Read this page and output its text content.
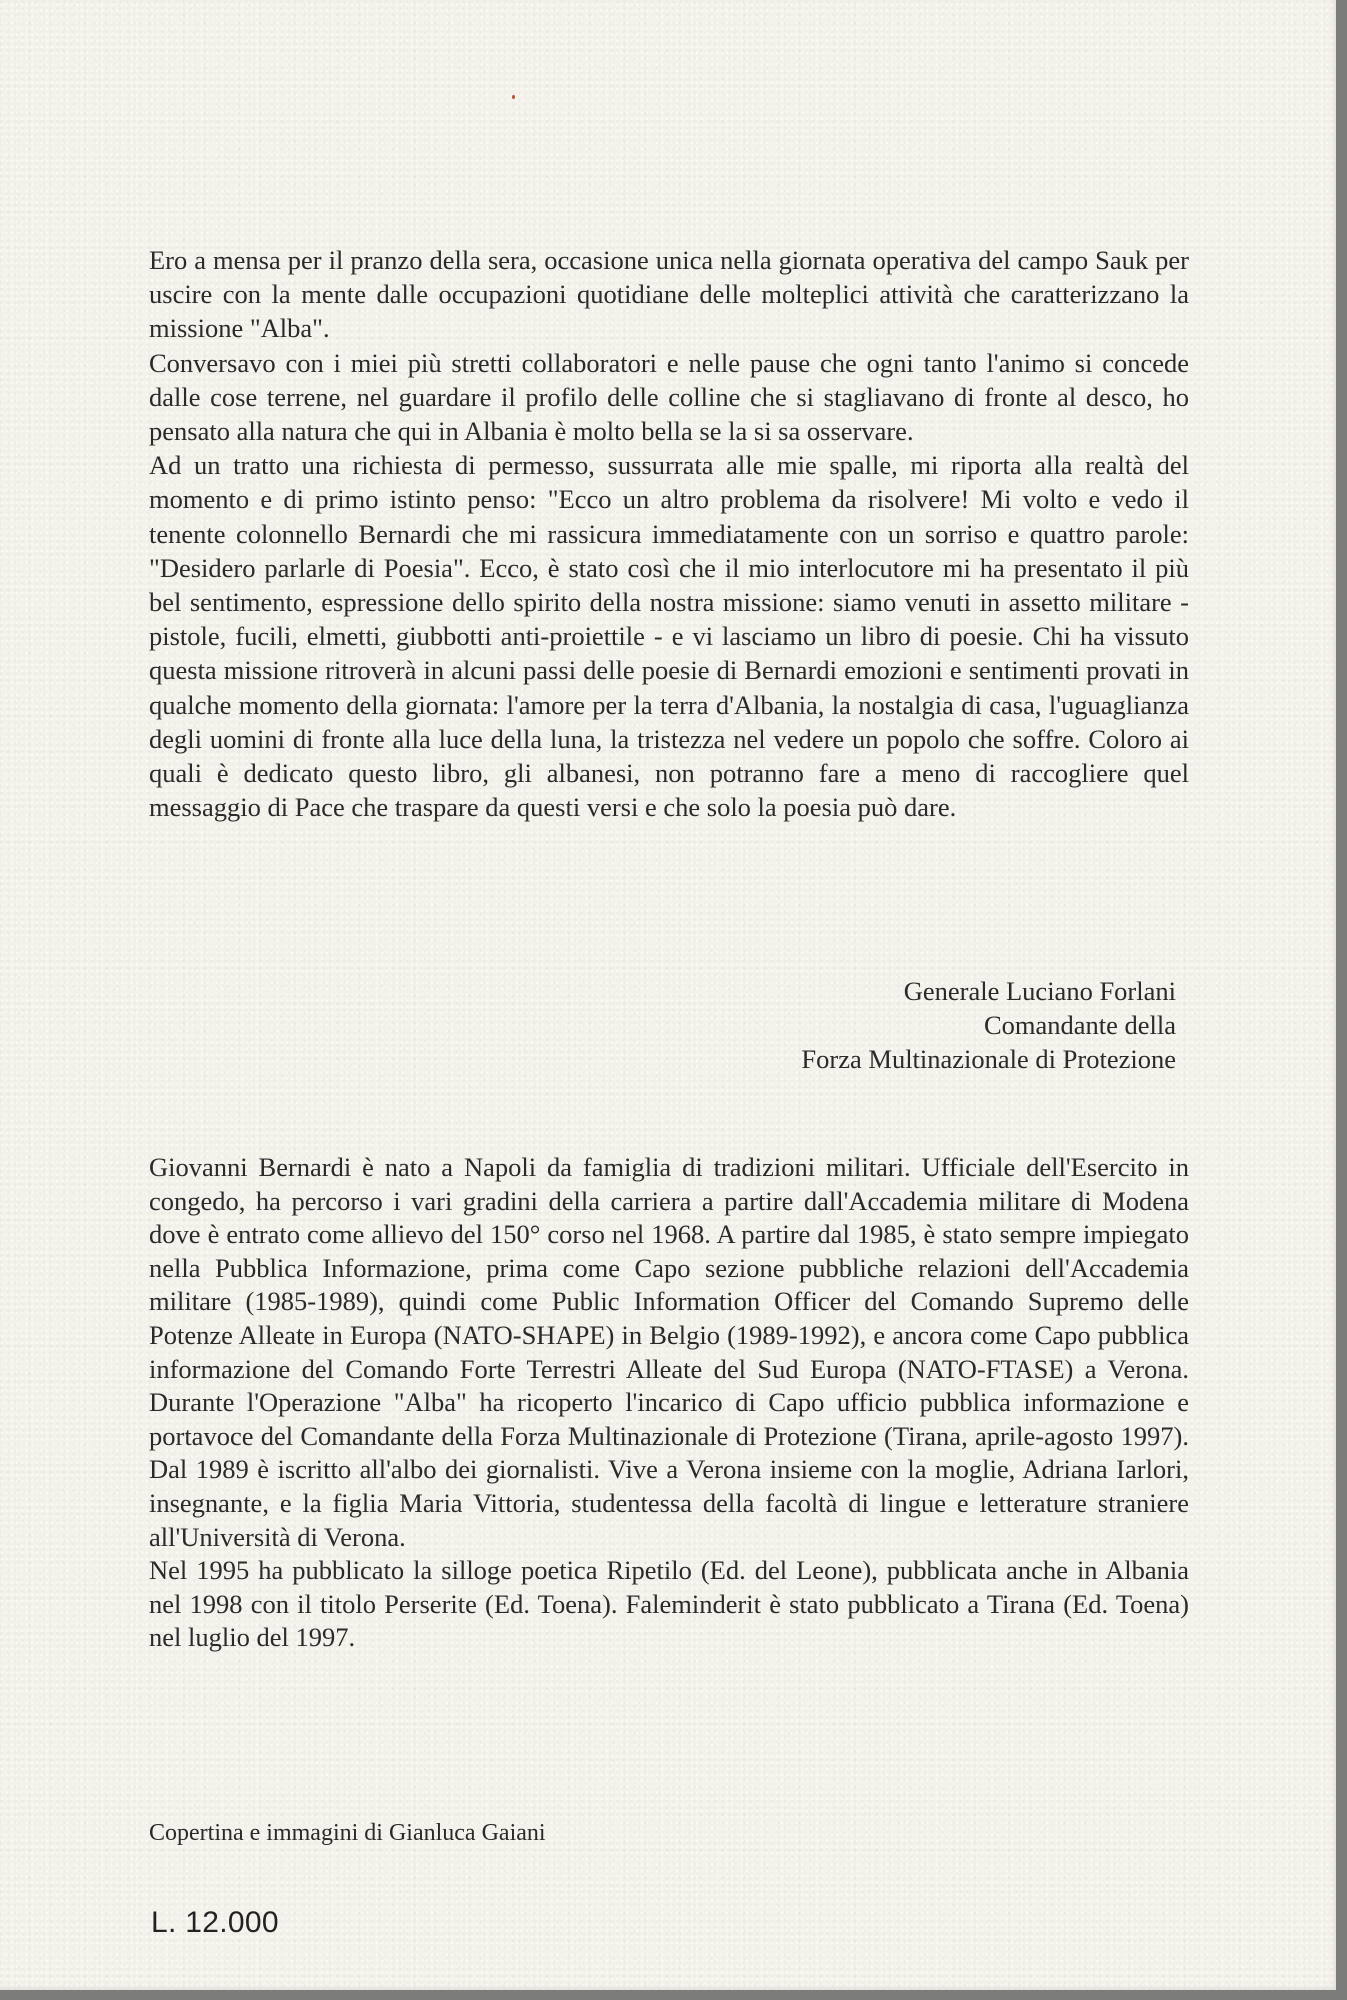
Ero a mensa per il pranzo della sera, occasione unica nella giornata operativa del campo Sauk per uscire con la mente dalle occupazioni quotidiane delle molteplici attività che caratterizzano la missione "Alba".

Conversavo con i miei più stretti collaboratori e nelle pause che ogni tanto l'animo si concede dalle cose terrene, nel guardare il profilo delle colline che si stagliavano di fronte al desco, ho pensato alla natura che qui in Albania è molto bella se la si sa osservare.

Ad un tratto una richiesta di permesso, sussurrata alle mie spalle, mi riporta alla realtà del momento e di primo istinto penso: "Ecco un altro problema da risolvere! Mi volto e vedo il tenente colonnello Bernardi che mi rassicura immediatamente con un sorriso e quattro parole: "Desidero parlarle di Poesia". Ecco, è stato così che il mio interlocutore mi ha presentato il più bel sentimento, espressione dello spirito della nostra missione: siamo venuti in assetto militare - pistole, fucili, elmetti, giubbotti anti-proiettile - e vi lasciamo un libro di poesie. Chi ha vissuto questa missione ritroverà in alcuni passi delle poesie di Bernardi emozioni e sentimenti provati in qualche momento della giornata: l'amore per la terra d'Albania, la nostalgia di casa, l'uguaglianza degli uomini di fronte alla luce della luna, la tristezza nel vedere un popolo che soffre. Coloro ai quali è dedicato questo libro, gli albanesi, non potranno fare a meno di raccogliere quel messaggio di Pace che traspare da questi versi e che solo la poesia può dare.

Generale Luciano Forlani
Comandante della
Forza Multinazionale di Protezione

Giovanni Bernardi è nato a Napoli da famiglia di tradizioni militari. Ufficiale dell'Esercito in congedo, ha percorso i vari gradini della carriera a partire dall'Accademia militare di Modena dove è entrato come allievo del 150° corso nel 1968. A partire dal 1985, è stato sempre impiegato nella Pubblica Informazione, prima come Capo sezione pubbliche relazioni dell'Accademia militare (1985-1989), quindi come Public Information Officer del Comando Supremo delle Potenze Alleate in Europa (NATO-SHAPE) in Belgio (1989-1992), e ancora come Capo pubblica informazione del Comando Forte Terrestri Alleate del Sud Europa (NATO-FTASE) a Verona. Durante l'Operazione "Alba" ha ricoperto l'incarico di Capo ufficio pubblica informazione e portavoce del Comandante della Forza Multinazionale di Protezione (Tirana, aprile-agosto 1997). Dal 1989 è iscritto all'albo dei giornalisti. Vive a Verona insieme con la moglie, Adriana Iarlori, insegnante, e la figlia Maria Vittoria, studentessa della facoltà di lingue e letterature straniere all'Università di Verona.

Nel 1995 ha pubblicato la silloge poetica Ripetilo (Ed. del Leone), pubblicata anche in Albania nel 1998 con il titolo Perserite (Ed. Toena). Faleminderit è stato pubblicato a Tirana (Ed. Toena) nel luglio del 1997.

Copertina e immagini di Gianluca Gaiani
L. 12.000
